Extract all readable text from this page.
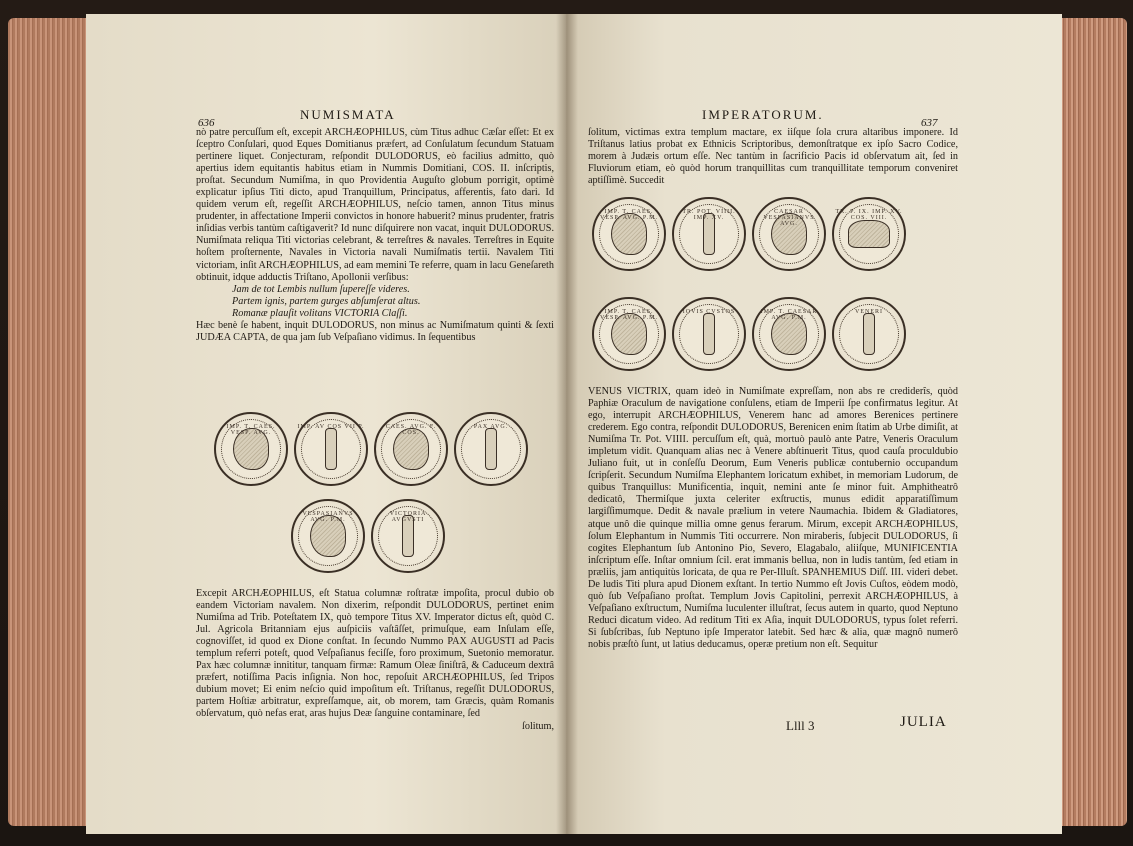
636
NUMISMATA

nò patre percuſſum eſt, excepit ARCHÆOPHILUS, cùm Titus adhuc Cæſar eſſet: Et ex ſceptro Conſulari, quod Eques Domitianus præfert, ad Conſulatum ſecundum Statuam pertinere liquet. Conjecturam, reſpondit DULODORUS, eò facilius admitto, quò apertius idem equitantis habitus etiam in Nummis Domitiani, COS. II. inſcriptis, proſtat. Secundum Numiſma, in quo Providentia Auguſto globum porrigit, optimè explicatur ipſius Titi dicto, apud Tranquillum, Principatus, afferentis, fato dari. Id quidem verum eſt, regeſſit ARCHÆOPHILUS, neſcio tamen, annon Titus minus prudenter, in affectatione Imperii convictos in honore habuerit? minus prudenter, fratris inſidias verbis tantùm caſtigaverit? Id nunc diſquirere non vacat, inquit DULODORUS. Numiſmata reliqua Titi victorias celebrant, & terreſtres & navales. Terreſtres in Equite hoſtem proſternente, Navales in Victoria navali Numiſmatis tertii. Navalem Titi victoriam, inſit ARCHÆOPHILUS, ad eam memini Te referre, quam in lacu Geneſareth obtinuit, idque adductis Triſtano, Apollonii verſibus:

Jam de tot Lembis nullum ſupereſſe videres.
Partem ignis, partem gurges abſumſerat altus.
Romanæ plauſit volitans VICTORIA Claſſi.

Hæc benè ſe habent, inquit DULODORUS, non minus ac Numiſmatum quinti & ſexti JUDÆA CAPTA, de qua jam ſub Veſpaſiano vidimus. In ſequentibus

IMP. T. CAES. VESP. AVG.
IMP. AV COS VII P.	CAES. AVG. F. COS.
PAX AVG.
VESPASIANVS AVG. P.M.
VICTORIA AVGVSTI

Excepit ARCHÆOPHILUS, eſt Statua columnæ roſtratæ impoſita, procul dubio ob eandem Victoriam navalem. Non dixerim, reſpondit DULODORUS, pertinet enim Numiſma ad Trib. Poteſtatem IX, quò tempore Titus XV. Imperator dictus eſt, quòd C. Jul. Agricola Britanniam ejus auſpiciis vaſtâſſet, primuſque, eam Inſulam eſſe, cognoviſſet, id quod ex Dione conſtat. In ſecundo Nummo PAX AUGUSTI ad Pacis templum referri poteſt, quod Veſpaſianus feciſſe, foro proximum, Suetonio memoratur. Pax hæc columnæ innititur, tanquam firmæ: Ramum Oleæ ſiniſtrâ, & Caduceum dextrâ præfert, notiſſima Pacis inſignia. Non hoc, repoſuit ARCHÆOPHILUS, ſed Tripos dubium movet; Ei enim neſcio quid impoſitum eſt. Triſtanus, regeſſit DULODORUS, partem Hoſtiæ arbitratur, expreſſamque, ait, ob morem, tam Græcis, quàm Romanis obſervatum, quò nefas erat, aras hujus Deæ ſanguine contaminare, ſed

ſolitum,
IMPERATORUM.
637

ſolitum, victimas extra templum mactare, ex iiſque ſola crura altaribus imponere. Id Triſtanus latius probat ex Ethnicis Scriptoribus, demonſtratque ex ipſo Sacro Codice, morem à Judæis ortum eſſe. Nec tantùm in ſacrificio Pacis id obſervatum ait, ſed in Fluviorum etiam, eò quòd horum tranquillitas cum tranquillitate temporum conveniret aptiſſimè. Succedit

IMP. T. CAES. VESP. AVG. P.M.
TR. POT. VIIII. IMP. XV.
CAESAR VESPASIANVS AVG.
TR. P. IX. IMP. XV. COS. VIII.
IMP. T. CAES. VESP. AVG. P.M.
IOVIS CVSTOS	IMP. T. CAESAR AVG. P.M.
VENERI

VENUS VICTRIX, quam ideò in Numiſmate expreſſam, non abs re crediderîs, quòd Paphiæ Oraculum de navigatione conſulens, etiam de Imperii ſpe confirmatus legitur. At ego, interrupit ARCHÆOPHILUS, Venerem hanc ad amores Berenices pertinere crederem. Ego contra, reſpondit DULODORUS, Berenicen enim ſtatim ab Urbe dimiſit, at Numiſma Tr. Pot. VIIII. percuſſum eſt, quà, mortuò paulò ante Patre, Veneris Oraculum impletum vidit. Quanquam alias nec à Venere abſtinuerit Titus, quod cauſa proculdubio Juliano fuit, ut in conſeſſu Deorum, Eum Veneris publicæ contubernio occupandum ſcripſerit. Secundum Numiſma Elephantem loricatum exhibet, in memoriam Ludorum, de quibus Tranquillus: Munificentia, inquit, nemini ante ſe minor fuit. Amphitheatrô dedicatô, Thermiſque juxta celeriter exſtructis, munus edidit apparatiſſimum largiſſimumque. Dedit & navale prælium in vetere Naumachia. Ibidem & Gladiatores, atque unô die quinque millia omne genus ferarum. Mirum, excepit ARCHÆOPHILUS, ſolum Elephantum in Nummis Titi occurrere. Non miraberis, ſubjecit DULODORUS, ſi cogites Elephantum ſub Antonino Pio, Severo, Elagabalo, aliiſque, MUNIFICENTIA inſcriptum eſſe. Inſtar omnium ſcil. erat immanis bellua, non in ludis tantùm, ſed etiam in præliis, jam antiquitùs loricata, de qua re Per-Illuſt. SPANHEMIUS Diſſ. III. videri debet. De ludis Titi plura apud Dionem exſtant. In tertio Nummo eſt Jovis Cuſtos, eòdem modò, quò ſub Veſpaſiano proſtat. Templum Jovis Capitolini, perrexit ARCHÆOPHILUS, à Veſpaſiano exſtructum, Numiſma luculenter illuſtrat, ſecus autem in quarto, quod Neptuno Reduci dicatum video. Ad reditum Titi ex Aſia, inquit DULODORUS, typus ſolet referri. Si ſubſcribas, ſub Neptuno ipſe Imperator latebit. Sed hæc & alia, quæ magnô numerô nobis præſtò ſunt, ut latius deducamus, operæ pretium non eſt. Sequitur

Llll 3	JULIA
